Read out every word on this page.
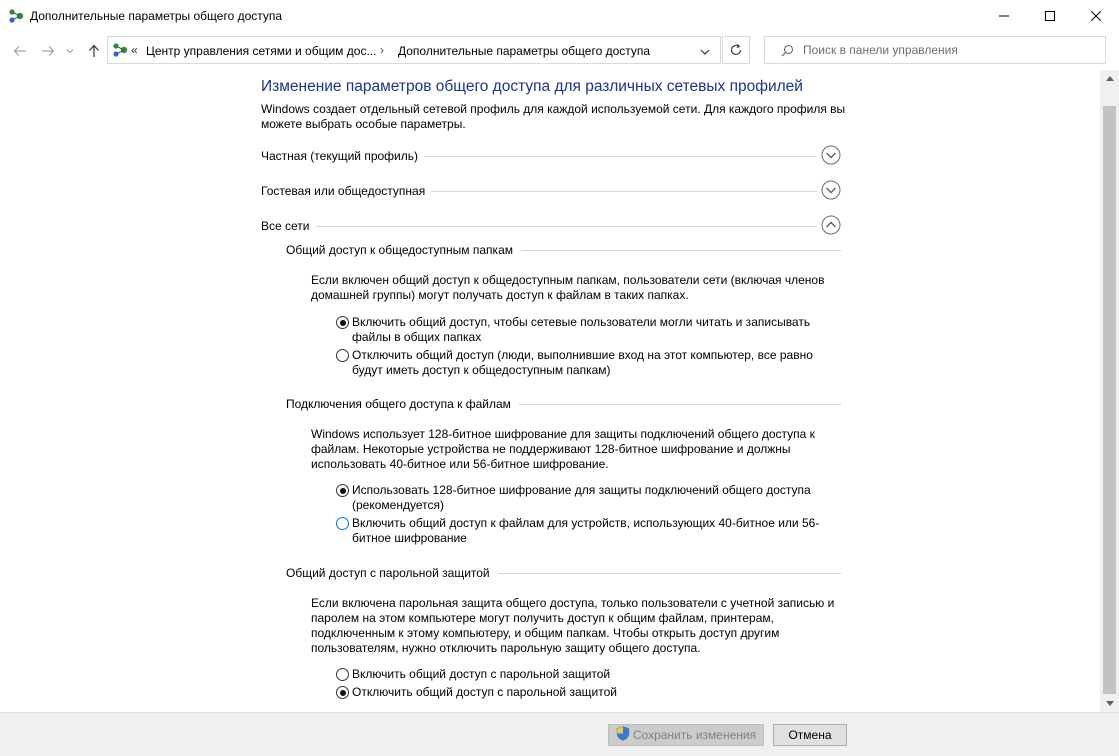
Дополнительные параметры общего доступа
« Центр управления сетями и общим дос... › Дополнительные параметры общего доступа
Поиск в панели управления
Изменение параметров общего доступа для различных сетевых профилей
Windows создает отдельный сетевой профиль для каждой используемой сети. Для каждого профиля вы можете выбрать особые параметры.
Частная (текущий профиль)
Гостевая или общедоступная
Все сети
Общий доступ к общедоступным папкам
Если включен общий доступ к общедоступным папкам, пользователи сети (включая членов домашней группы) могут получать доступ к файлам в таких папках.
Включить общий доступ, чтобы сетевые пользователи могли читать и записывать файлы в общих папках
Отключить общий доступ (люди, выполнившие вход на этот компьютер, все равно будут иметь доступ к общедоступным папкам)
Подключения общего доступа к файлам
Windows использует 128-битное шифрование для защиты подключений общего доступа к файлам. Некоторые устройства не поддерживают 128-битное шифрование и должны использовать 40-битное или 56-битное шифрование.
Использовать 128-битное шифрование для защиты подключений общего доступа (рекомендуется)
Включить общий доступ к файлам для устройств, использующих 40-битное или 56-битное шифрование
Общий доступ с парольной защитой
Если включена парольная защита общего доступа, только пользователи с учетной записью и паролем на этом компьютере могут получить доступ к общим файлам, принтерам, подключенным к этому компьютеру, и общим папкам. Чтобы открыть доступ другим пользователям, нужно отключить парольную защиту общего доступа.
Включить общий доступ с парольной защитой
Отключить общий доступ с парольной защитой
Сохранить изменения	Отмена
